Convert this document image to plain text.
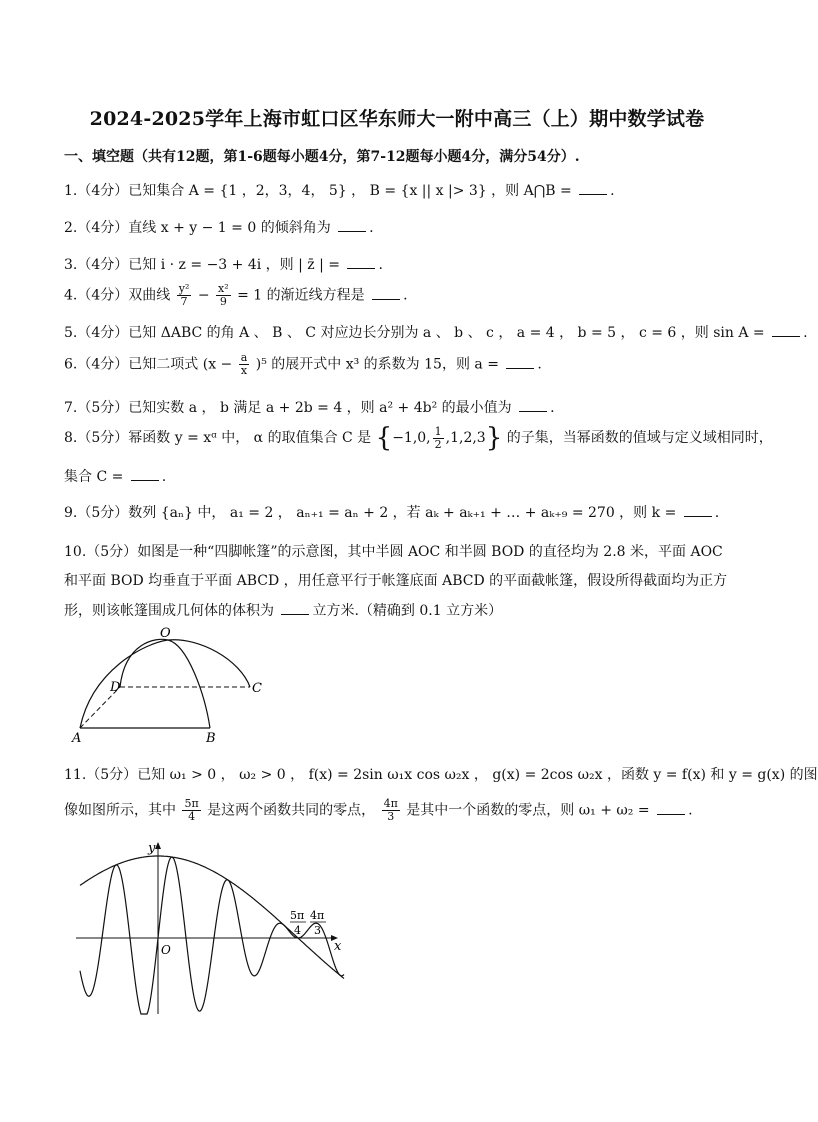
2024-2025学年上海市虹口区华东师大一附中高三（上）期中数学试卷
一、填空题（共有12题，第1-6题每小题4分，第7-12题每小题4分，满分54分）.
1.（4分）已知集合 A = {1 ，2，3，4， 5} ， B = {x || x |> 3} ，则 A⋂B =	.
2.（4分）直线 x + y − 1 = 0 的倾斜角为	.
3.（4分）已知 i · z = −3 + 4i ，则 | z̄ | =	.
4.（4分）双曲线 $\frac{\text{y²}}{7} - \frac{\text{x²}}{9} = 1$ 的渐近线方程是	.
5.（4分）已知 ΔABC 的角 A 、 B 、 C 对应边长分别为 a 、 b 、 c ， a = 4 ， b = 5 ， c = 6 ，则 sin A =	.
6.（4分）已知二项式 $(x - \frac{a}{x} )^5$ 的展开式中 x³ 的系数为 15，则 a =	.
7.（5分）已知实数 a ， b 满足 a + 2b = 4 ，则 a² + 4b² 的最小值为	.
8.（5分）幂函数 y = xᵅ 中， α 的取值集合 C 是 {−1,0, $\frac{1}{2} ,1,2,3$} 的子集，当幂函数的值域与定义域相同时，
集合 C =	.
9.（5分）数列 {aₙ} 中， a₁ = 2 ， aₙ₊₁ = aₙ + 2 ，若 aₖ + aₖ₊₁ + … + aₖ₊₉ = 270 ，则 k =	.
10.（5分）如图是一种“四脚帐篷”的示意图，其中半圆 AOC 和半圆 BOD 的直径均为 2.8 米，平面 AOC
和平面 BOD 均垂直于平面 ABCD ，用任意平行于帐篷底面 ABCD 的平面截帐篷，假设所得截面均为正方
形，则该帐篷围成几何体的体积为	立方米.（精确到 0.1 立方米）
O
D	C
A	B
11.（5分）已知 ω₁ > 0 ， ω₂ > 0 ， f(x) = 2sin ω₁x cos ω₂x ， g(x) = 2cos ω₂x ，函数 y = f(x) 和 y = g(x) 的图
像如图所示，其中 $\frac{5\pi}{4}$ 是这两个函数共同的零点， $\frac{4\pi}{3}$ 是其中一个函数的零点，则 ω₁ + ω₂ =	.
y
O	x
5π
4
4π
3
